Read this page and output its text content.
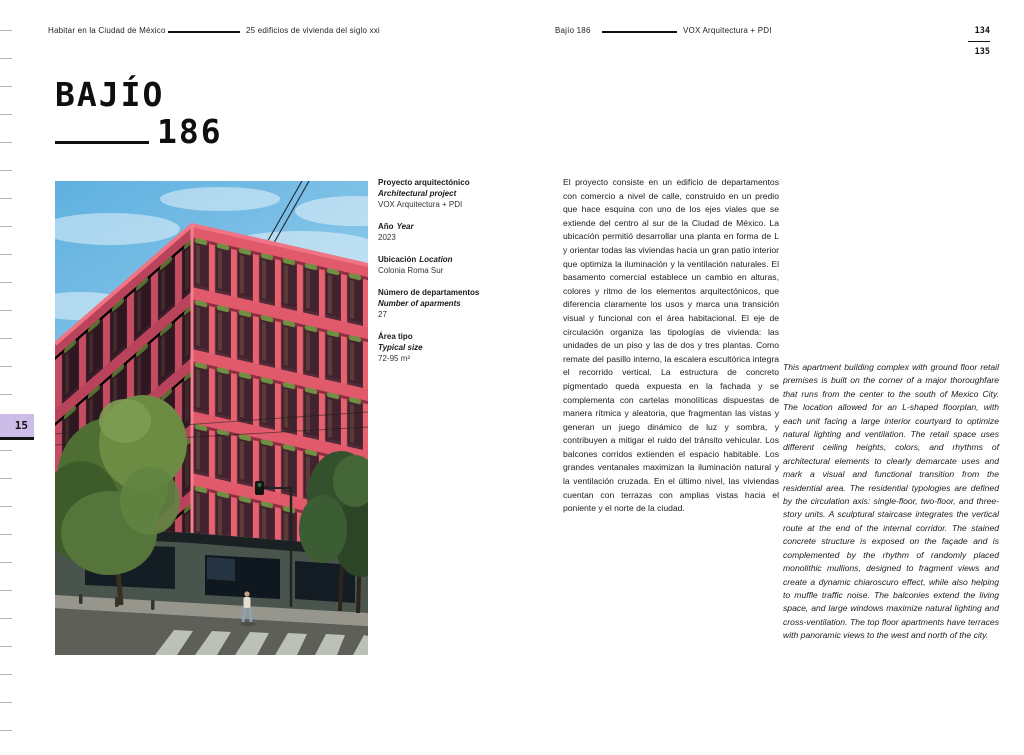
15
Habitar en la Ciudad de México	25 edificios de vivienda del siglo xxi	Bajío 186	VOX Arquitectura + PDI	134
135
BAJÍO
186
Proyecto arquitectónico
Architectural project
VOX Arquitectura + PDI
Año Year
2023
Ubicación Location
Colonia Roma Sur
Número de departamentos
Number of aparments
27
Área tipo
Typical size
72-95 m²
El proyecto consiste en un edificio de departamentos con comercio a nivel de calle, construido en un predio que hace esquina con uno de los ejes viales que se extiende del centro al sur de la Ciudad de México. La ubicación permitió desarrollar una planta en forma de L y orientar todas las viviendas hacia un gran patio interior que optimiza la iluminación y la ventilación naturales. El basamento comercial establece un cambio en alturas, colores y ritmo de los elementos arquitectónicos, que diferencia claramente los usos y marca una transición visual y funcional con el área habitacional. El eje de circulación organiza las tipologías de vivienda: las unidades de un piso y las de dos y tres plantas. Como remate del pasillo interno, la escalera escultórica integra el recorrido vertical. La estructura de concreto pigmentado queda expuesta en la fachada y se complementa con cartelas monolíticas dispuestas de manera rítmica y aleatoria, que fragmentan las vistas y generan un juego dinámico de luz y sombra, y contribuyen a mitigar el ruido del tránsito vehicular. Los balcones corridos extienden el espacio habitable. Los grandes ventanales maximizan la iluminación natural y la ventilación cruzada. En el último nivel, las viviendas cuentan con terrazas con amplias vistas hacia el poniente y el norte de la ciudad.
This apartment building complex with ground floor retail premises is built on the corner of a major thoroughfare that runs from the center to the south of Mexico City. The location allowed for an L-shaped floorplan, with each unit facing a large interior courtyard to optimize natural lighting and ventilation. The retail space uses different ceiling heights, colors, and rhythms of architectural elements to clearly demarcate uses and mark a visual and functional transition from the residential area. The residential typologies are defined by the circulation axis: single-floor, two-floor, and three-story units. A sculptural staircase integrates the vertical route at the end of the internal corridor. The stained concrete structure is exposed on the façade and is complemented by the rhythm of randomly placed monolithic mullions, designed to fragment views and create a dynamic chiaroscuro effect, while also helping to muffle traffic noise. The balconies extend the living space, and large windows maximize natural lighting and cross-ventilation. The top floor apartments have terraces with panoramic views to the west and north of the city.
